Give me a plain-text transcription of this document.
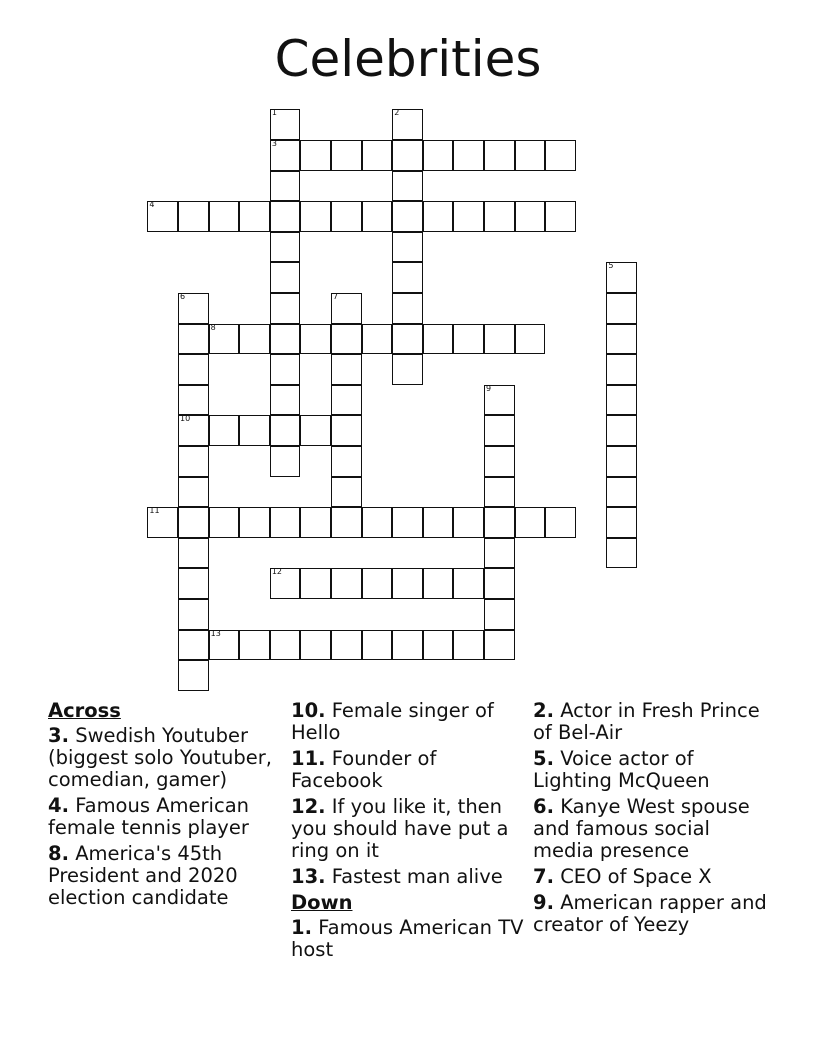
Celebrities
1
3
2
4
5
6
10
7
8
9
11
12
13
Across
3. Swedish Youtuber (biggest solo Youtuber, comedian, gamer)
4. Famous American female tennis player
8. America's 45th President and 2020 election candidate
10. Female singer of Hello
11. Founder of Facebook
12. If you like it, then you should have put a ring on it
13. Fastest man alive
Down
1. Famous American TV host
2. Actor in Fresh Prince of Bel-Air
5. Voice actor of Lighting McQueen
6. Kanye West spouse and famous social media presence
7. CEO of Space X
9. American rapper and creator of Yeezy
